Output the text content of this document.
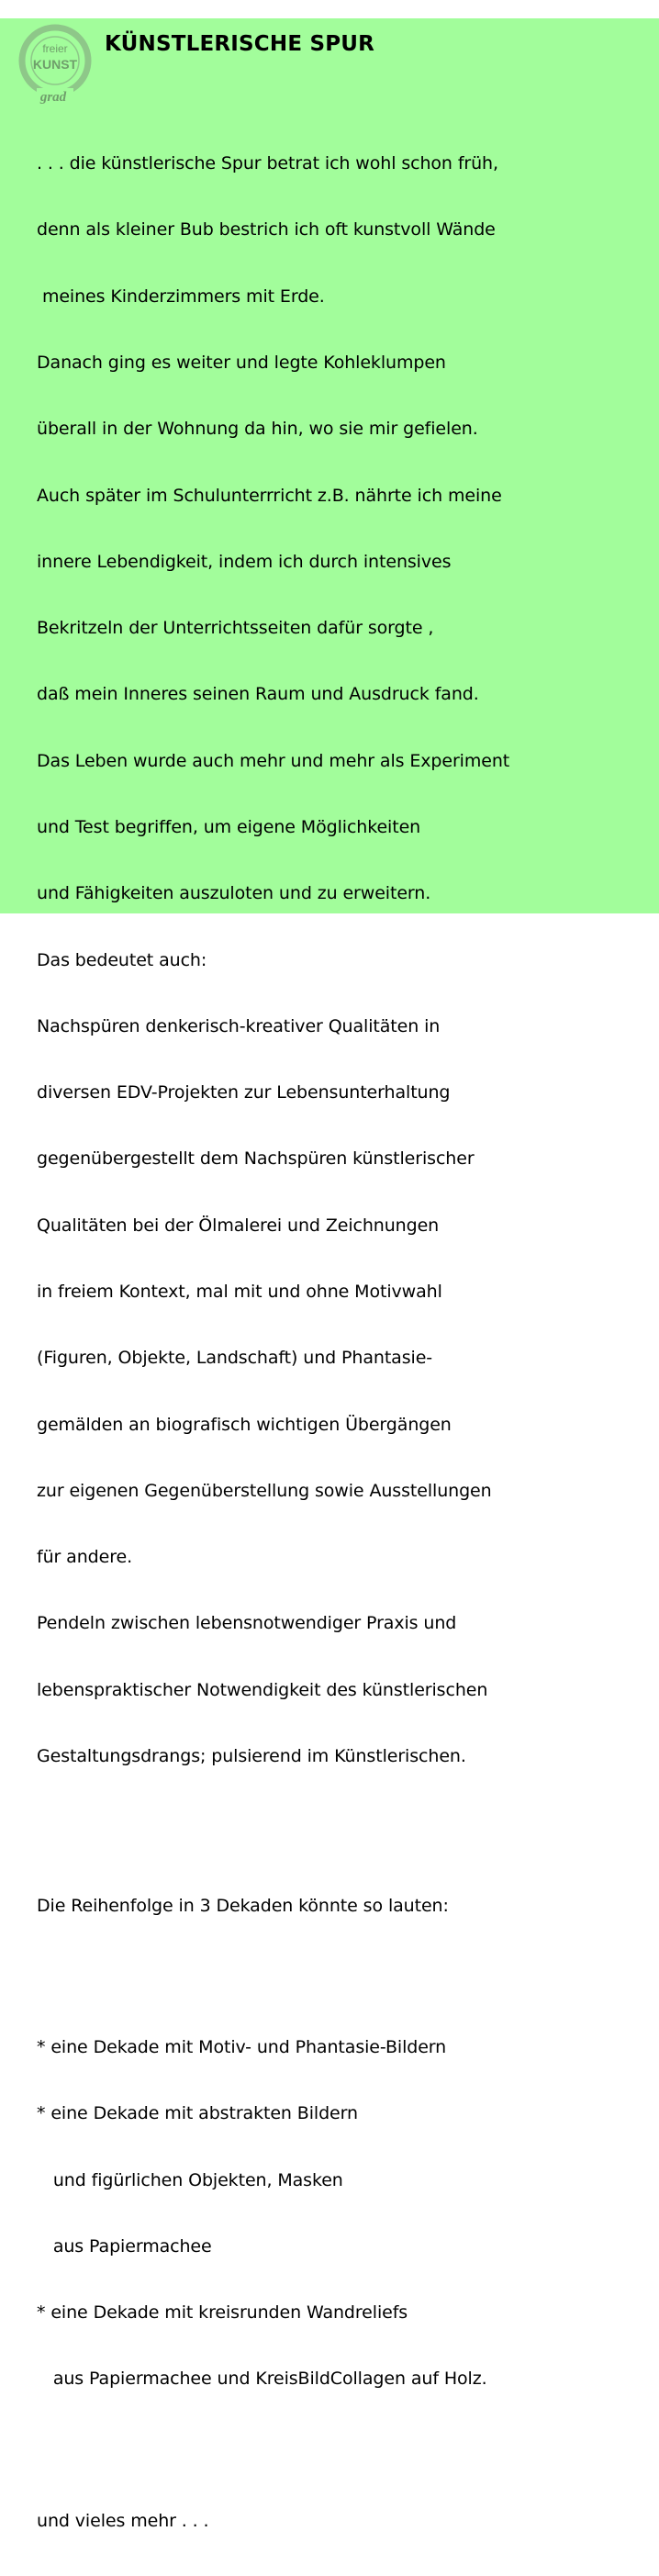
freier
KUNST
grad
KÜNSTLERISCHE SPUR

. . . die künstlerische Spur betrat ich wohl schon früh,

denn als kleiner Bub bestrich ich oft kunstvoll Wände

meines Kinderzimmers mit Erde.

Danach ging es weiter und legte Kohleklumpen

überall in der Wohnung da hin, wo sie mir gefielen.

Auch später im Schulunterrricht z.B. nährte ich meine

innere Lebendigkeit, indem ich durch intensives

Bekritzeln der Unterrichtsseiten dafür sorgte ,

daß mein Inneres seinen Raum und Ausdruck fand.

Das Leben wurde auch mehr und mehr als Experiment

und Test begriffen, um eigene Möglichkeiten

und Fähigkeiten auszuloten und zu erweitern.

Das bedeutet auch:

Nachspüren denkerisch-kreativer Qualitäten in

diversen EDV-Projekten zur Lebensunterhaltung

gegenübergestellt dem Nachspüren künstlerischer

Qualitäten bei der Ölmalerei und Zeichnungen

in freiem Kontext, mal mit und ohne Motivwahl

(Figuren, Objekte, Landschaft) und Phantasie-

gemälden an biografisch wichtigen Übergängen

zur eigenen Gegenüberstellung sowie Ausstellungen

für andere.

Pendeln zwischen lebensnotwendiger Praxis und

lebenspraktischer Notwendigkeit des künstlerischen

Gestaltungsdrangs; pulsierend im Künstlerischen.

Die Reihenfolge in 3 Dekaden könnte so lauten:

* eine Dekade mit Motiv- und Phantasie-Bildern

* eine Dekade mit abstrakten Bildern

und figürlichen Objekten, Masken

aus Papiermachee

* eine Dekade mit kreisrunden Wandreliefs

aus Papiermachee und KreisBildCollagen auf Holz.

und vieles mehr . . .
